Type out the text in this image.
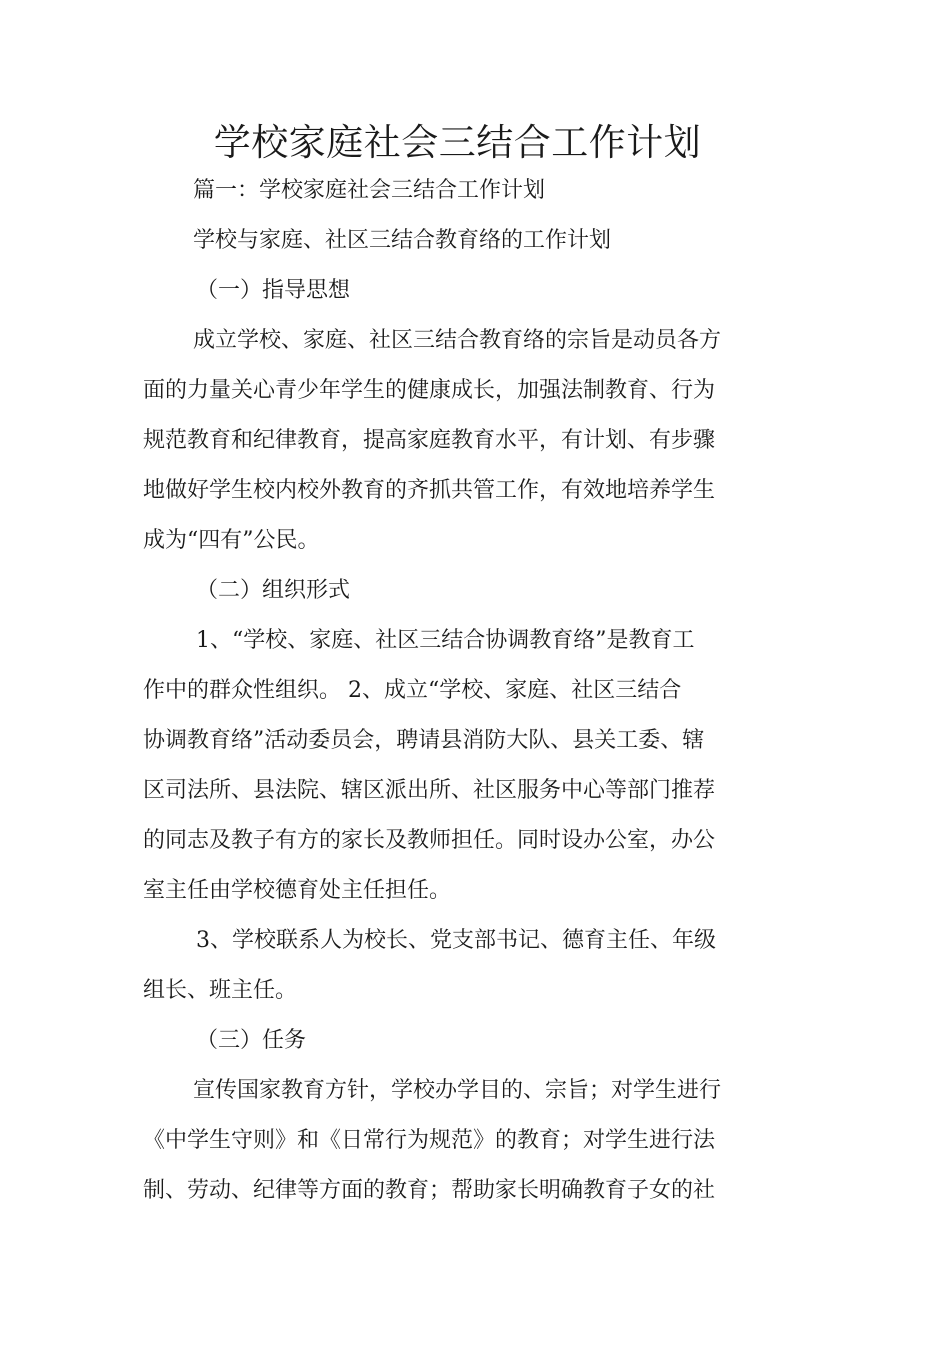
学校家庭社会三结合工作计划
篇一：学校家庭社会三结合工作计划
学校与家庭、社区三结合教育络的工作计划
（一）指导思想
成立学校、家庭、社区三结合教育络的宗旨是动员各方
面的力量关心青少年学生的健康成长，加强法制教育、行为
规范教育和纪律教育，提高家庭教育水平，有计划、有步骤
地做好学生校内校外教育的齐抓共管工作，有效地培养学生
成为“四有”公民。
（二）组织形式
1、“学校、家庭、社区三结合协调教育络”是教育工
作中的群众性组织。 2、成立“学校、家庭、社区三结合
协调教育络”活动委员会，聘请县消防大队、县关工委、辖
区司法所、县法院、辖区派出所、社区服务中心等部门推荐
的同志及教子有方的家长及教师担任。同时设办公室，办公
室主任由学校德育处主任担任。
3、学校联系人为校长、党支部书记、德育主任、年级
组长、班主任。
（三）任务
宣传国家教育方针，学校办学目的、宗旨；对学生进行
《中学生守则》和《日常行为规范》的教育；对学生进行法
制、劳动、纪律等方面的教育；帮助家长明确教育子女的社
